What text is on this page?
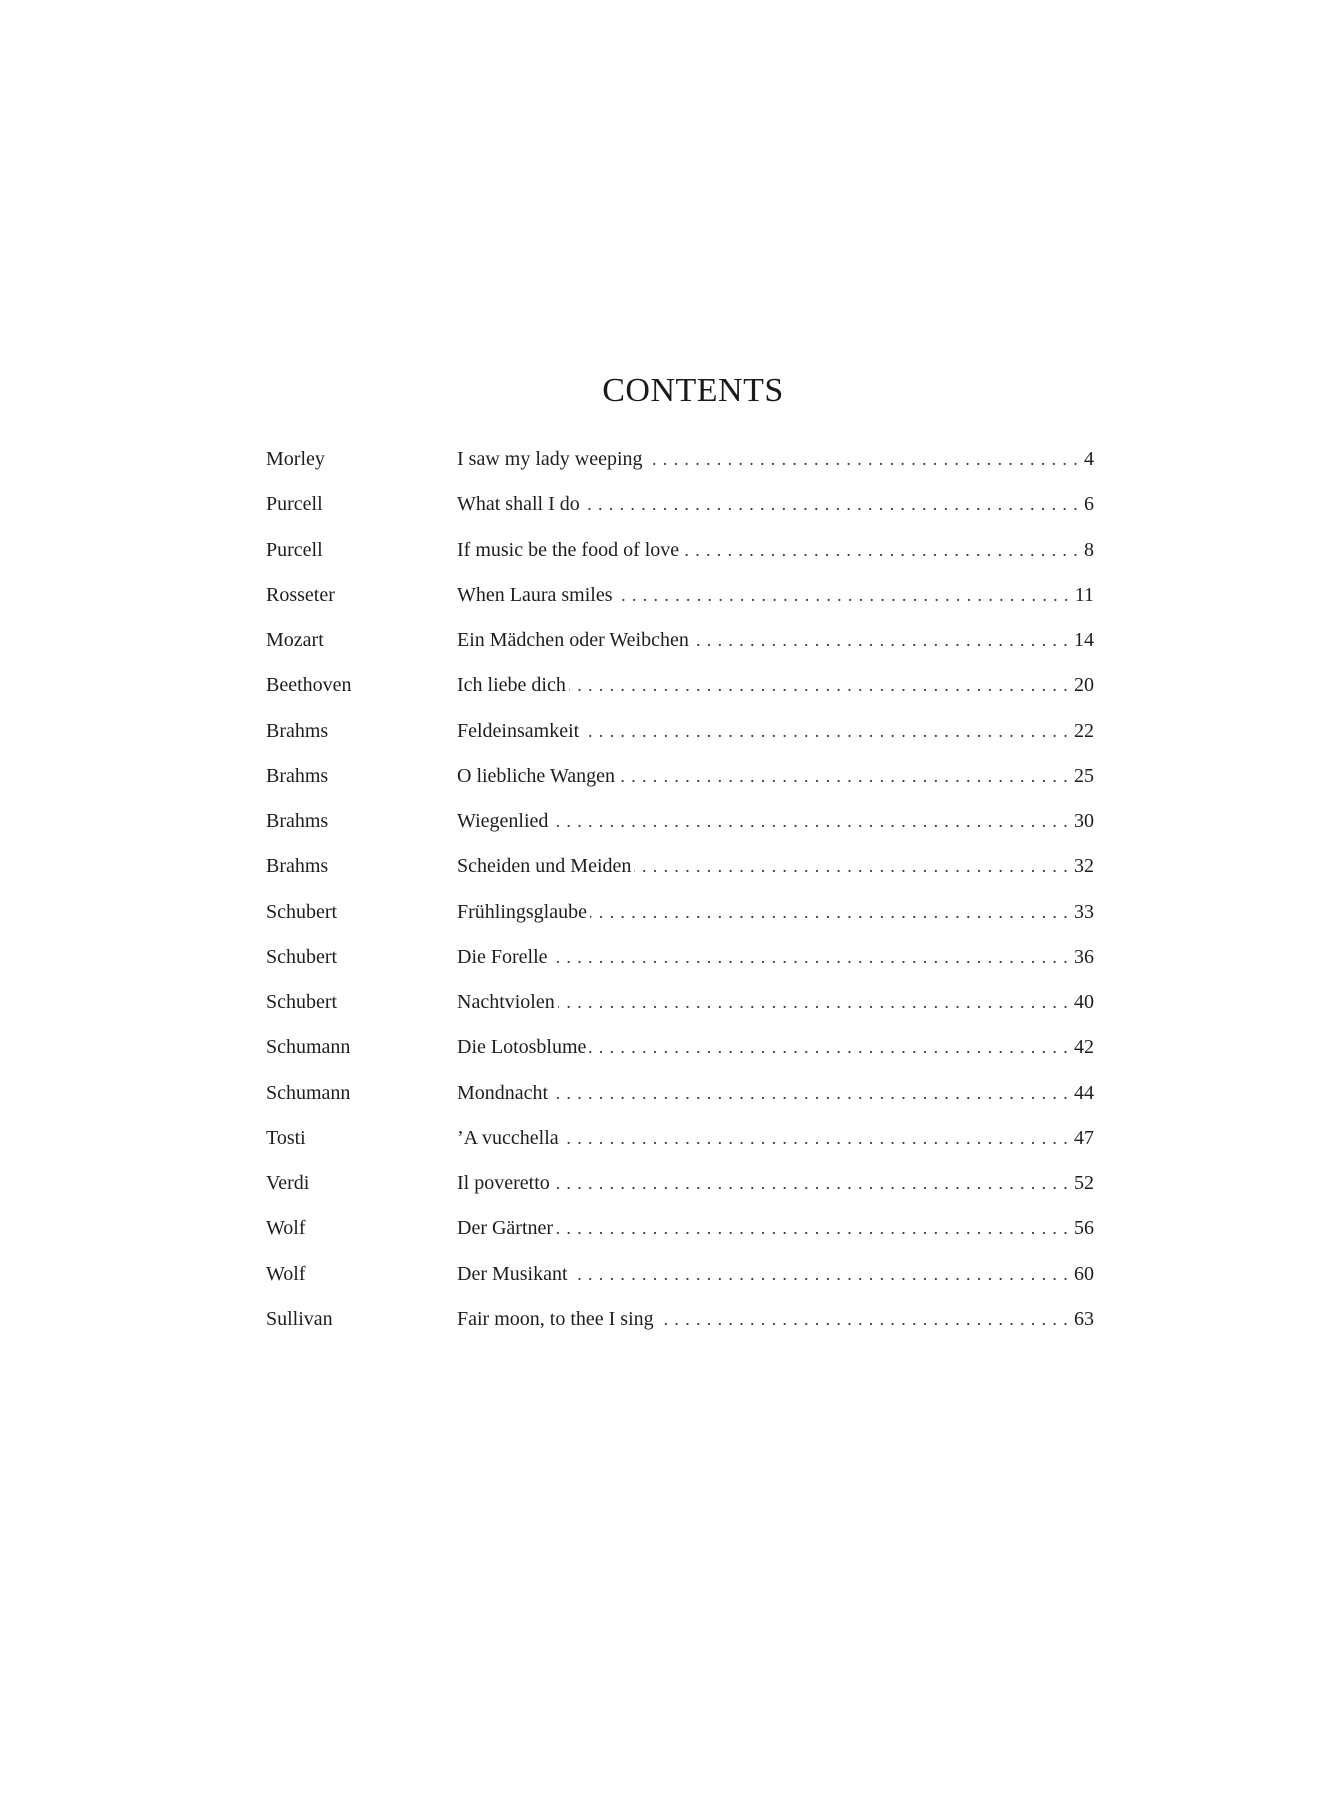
CONTENTS
Morley	I saw my lady weeping .....	4
Purcell	What shall I do .....	6
Purcell	If music be the food of love .....	8
Rosseter	When Laura smiles .....	11
Mozart	Ein Mädchen oder Weibchen .....	14
Beethoven	Ich liebe dich .....	20
Brahms	Feldeinsamkeit .....	22
Brahms	O liebliche Wangen .....	25
Brahms	Wiegenlied .....	30
Brahms	Scheiden und Meiden .....	32
Schubert	Frühlingsglaube .....	33
Schubert	Die Forelle .....	36
Schubert	Nachtviolen .....	40
Schumann	Die Lotosblume .....	42
Schumann	Mondnacht .....	44
Tosti	’A vucchella .....	47
Verdi	Il poveretto .....	52
Wolf	Der Gärtner .....	56
Wolf	Der Musikant .....	60
Sullivan	Fair moon, to thee I sing .....	63
